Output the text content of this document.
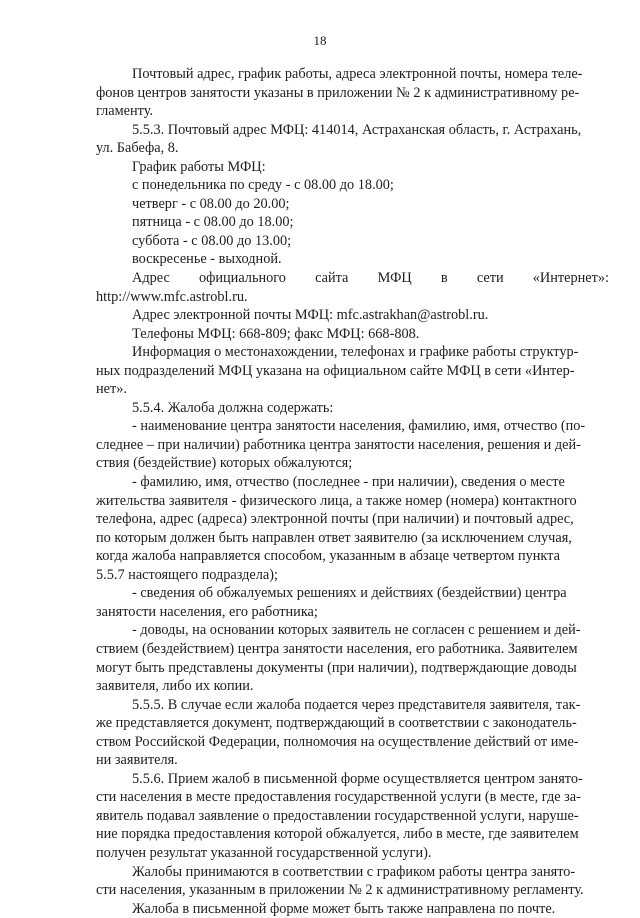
18
Почтовый адрес, график работы, адреса электронной почты, номера теле-
фонов центров занятости указаны в приложении № 2 к административному ре-
гламенту.
5.5.3. Почтовый адрес МФЦ: 414014, Астраханская область, г. Астрахань,
ул. Бабефа, 8.
График работы МФЦ:
с понедельника по среду - с 08.00 до 18.00;
четверг - с 08.00 до 20.00;
пятница - с 08.00 до 18.00;
суббота - с 08.00 до 13.00;
воскресенье - выходной.
Адрес официального сайта МФЦ в сети «Интернет»:
http://www.mfc.astrobl.ru.
Адрес электронной почты МФЦ: mfc.astrakhan@astrobl.ru.
Телефоны МФЦ: 668-809; факс МФЦ: 668-808.
Информация о местонахождении, телефонах и графике работы структур-
ных подразделений МФЦ указана на официальном сайте МФЦ в сети «Интер-
нет».
5.5.4. Жалоба должна содержать:
- наименование центра занятости населения, фамилию, имя, отчество (по-
следнее – при наличии) работника центра занятости населения, решения и дей-
ствия (бездействие) которых обжалуются;
- фамилию, имя, отчество (последнее - при наличии), сведения о месте
жительства заявителя - физического лица, а также номер (номера) контактного
телефона, адрес (адреса) электронной почты (при наличии) и почтовый адрес,
по которым должен быть направлен ответ заявителю (за исключением случая,
когда жалоба направляется способом, указанным в абзаце четвертом пункта
5.5.7 настоящего подраздела);
- сведения об обжалуемых решениях и действиях (бездействии) центра
занятости населения, его работника;
- доводы, на основании которых заявитель не согласен с решением и дей-
ствием (бездействием) центра занятости населения, его работника. Заявителем
могут быть представлены документы (при наличии), подтверждающие доводы
заявителя, либо их копии.
5.5.5. В случае если жалоба подается через представителя заявителя, так-
же представляется документ, подтверждающий в соответствии с законодатель-
ством Российской Федерации, полномочия на осуществление действий от име-
ни заявителя.
5.5.6. Прием жалоб в письменной форме осуществляется центром занято-
сти населения в месте предоставления государственной услуги (в месте, где за-
явитель подавал заявление о предоставлении государственной услуги, наруше-
ние порядка предоставления которой обжалуется, либо в месте, где заявителем
получен результат указанной государственной услуги).
Жалобы принимаются в соответствии с графиком работы центра занято-
сти населения, указанным в приложении № 2 к административному регламенту.
Жалоба в письменной форме может быть также направлена по почте.
